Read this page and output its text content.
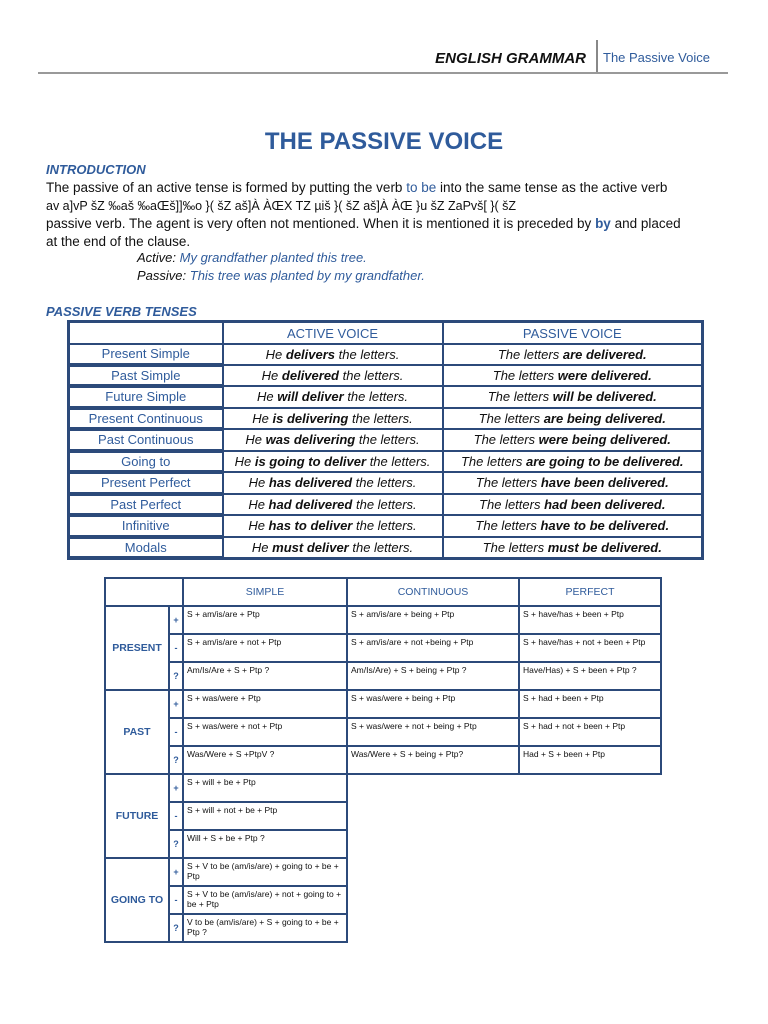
ENGLISH GRAMMAR The Passive Voice
THE PASSIVE VOICE
INTRODUCTION
The passive of an active tense is formed by putting the verb to be into the same tense as the active verb
av a]vP šZ ‰aš ‰aŒš]]‰o }( šZ aš]À ÀŒX TZ µiš }( šZ aš]À ÀŒ }u šZ ZaPvš[ }( šZ
passive verb. The agent is very often not mentioned. When it is mentioned it is preceded by by and placed
at the end of the clause.
Active: My grandfather planted this tree.
Passive: This tree was planted by my grandfather.
PASSIVE VERB TENSES
	ACTIVE VOICE	PASSIVE VOICE
Present Simple	He delivers the letters.	The letters are delivered.
Past Simple	He delivered the letters.	The letters were delivered.
Future Simple	He will deliver the letters.	The letters will be delivered.
Present Continuous	He is delivering the letters.	The letters are being delivered.
Past Continuous	He was delivering the letters.	The letters were being delivered.
Going to	He is going to deliver the letters.	The letters are going to be delivered.
Present Perfect	He has delivered the letters.	The letters have been delivered.
Past Perfect	He had delivered the letters.	The letters had been delivered.
Infinitive	He has to deliver the letters.	The letters have to be delivered.
Modals	He must deliver the letters.	The letters must be delivered.
		SIMPLE	CONTINUOUS	PERFECT
PRESENT	+	S + am/is/are + Ptp	S + am/is/are + being + Ptp	S + have/has + been + Ptp
	-	S + am/is/are + not + Ptp	S + am/is/are + not +being + Ptp	S + have/has + not + been + Ptp
	?	Am/Is/Are + S + Ptp ?	Am/Is/Are) + S + being + Ptp ?	Have/Has) + S + been + Ptp ?
PAST	+	S + was/were + Ptp	S + was/were + being + Ptp	S + had + been + Ptp
	-	S + was/were + not + Ptp	S + was/were + not + being + Ptp	S + had + not + been + Ptp
	?	Was/Were + S +PtpV ?	Was/Were + S + being + Ptp?	Had + S + been + Ptp
FUTURE	+	S + will + be + Ptp		
	-	S + will + not + be + Ptp		
	?	Will + S + be + Ptp ?		
GOING TO	+	S + V to be (am/is/are) + going to + be + Ptp		
	-	S + V to be (am/is/are) + not + going to + be + Ptp		
	?	V to be (am/is/are) + S + going to + be + Ptp ?		
